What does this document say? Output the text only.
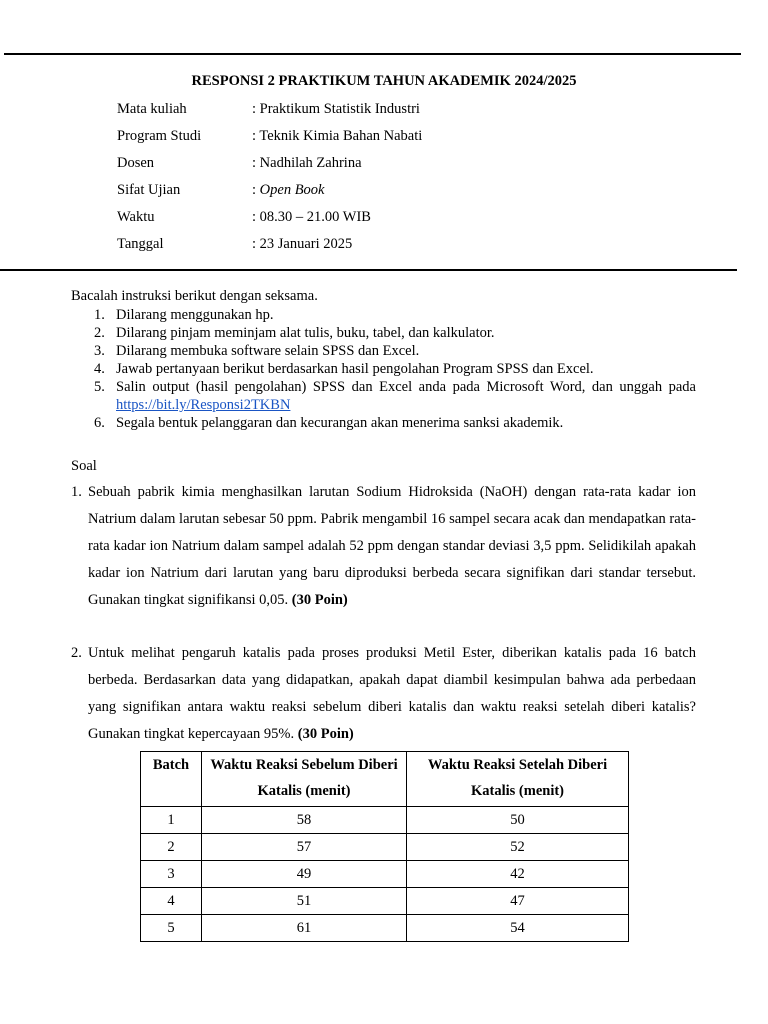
RESPONSI 2 PRAKTIKUM TAHUN AKADEMIK 2024/2025
Mata kuliah	: Praktikum Statistik Industri
Program Studi	: Teknik Kimia Bahan Nabati
Dosen	: Nadhilah Zahrina
Sifat Ujian	: Open Book
Waktu	: 08.30 – 21.00 WIB
Tanggal	: 23 Januari 2025
Bacalah instruksi berikut dengan seksama.
1. Dilarang menggunakan hp.
2. Dilarang pinjam meminjam alat tulis, buku, tabel, dan kalkulator.
3. Dilarang membuka software selain SPSS dan Excel.
4. Jawab pertanyaan berikut berdasarkan hasil pengolahan Program SPSS dan Excel.
5. Salin output (hasil pengolahan) SPSS dan Excel anda pada Microsoft Word, dan unggah pada https://bit.ly/Responsi2TKBN
6. Segala bentuk pelanggaran dan kecurangan akan menerima sanksi akademik.
Soal
1. Sebuah pabrik kimia menghasilkan larutan Sodium Hidroksida (NaOH) dengan rata-rata kadar ion Natrium dalam larutan sebesar 50 ppm. Pabrik mengambil 16 sampel secara acak dan mendapatkan rata-rata kadar ion Natrium dalam sampel adalah 52 ppm dengan standar deviasi 3,5 ppm. Selidikilah apakah kadar ion Natrium dari larutan yang baru diproduksi berbeda secara signifikan dari standar tersebut. Gunakan tingkat signifikansi 0,05. (30 Poin)
2. Untuk melihat pengaruh katalis pada proses produksi Metil Ester, diberikan katalis pada 16 batch berbeda. Berdasarkan data yang didapatkan, apakah dapat diambil kesimpulan bahwa ada perbedaan yang signifikan antara waktu reaksi sebelum diberi katalis dan waktu reaksi setelah diberi katalis? Gunakan tingkat kepercayaan 95%. (30 Poin)
Batch	Waktu Reaksi Sebelum Diberi Katalis (menit)	Waktu Reaksi Setelah Diberi Katalis (menit)
1	58	50
2	57	52
3	49	42
4	51	47
5	61	54
